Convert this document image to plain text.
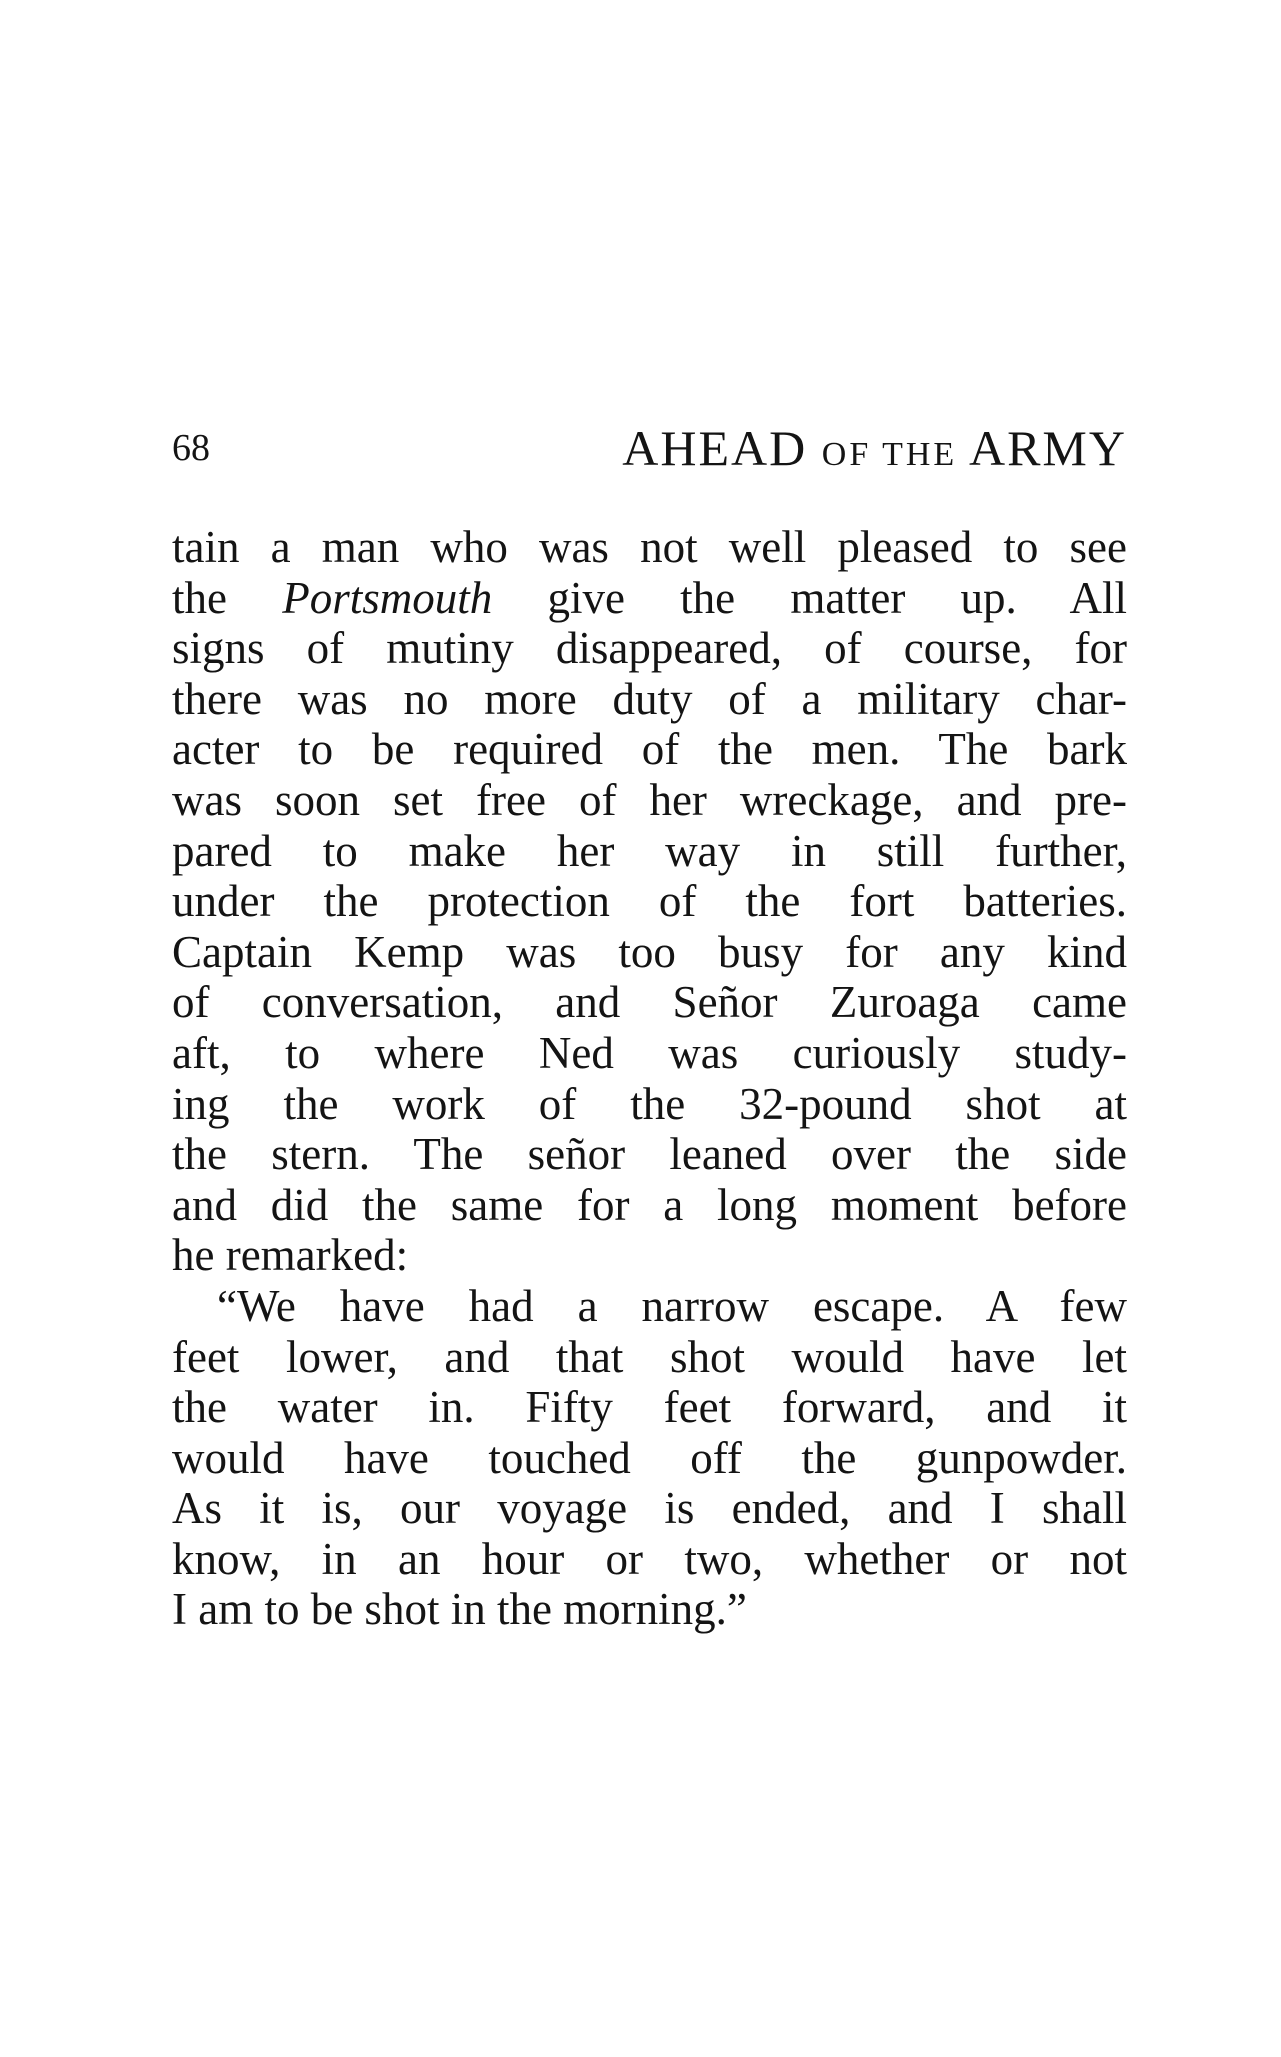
68	AHEAD OF THE ARMY
tain a man who was not well pleased to see
the Portsmouth give the matter up. All
signs of mutiny disappeared, of course, for
there was no more duty of a military char-
acter to be required of the men. The bark
was soon set free of her wreckage, and pre-
pared to make her way in still further,
under the protection of the fort batteries.
Captain Kemp was too busy for any kind
of conversation, and Señor Zuroaga came
aft, to where Ned was curiously study-
ing the work of the 32-pound shot at
the stern. The señor leaned over the side
and did the same for a long moment before
he remarked:
“We have had a narrow escape. A few
feet lower, and that shot would have let
the water in. Fifty feet forward, and it
would have touched off the gunpowder.
As it is, our voyage is ended, and I shall
know, in an hour or two, whether or not
I am to be shot in the morning.”
